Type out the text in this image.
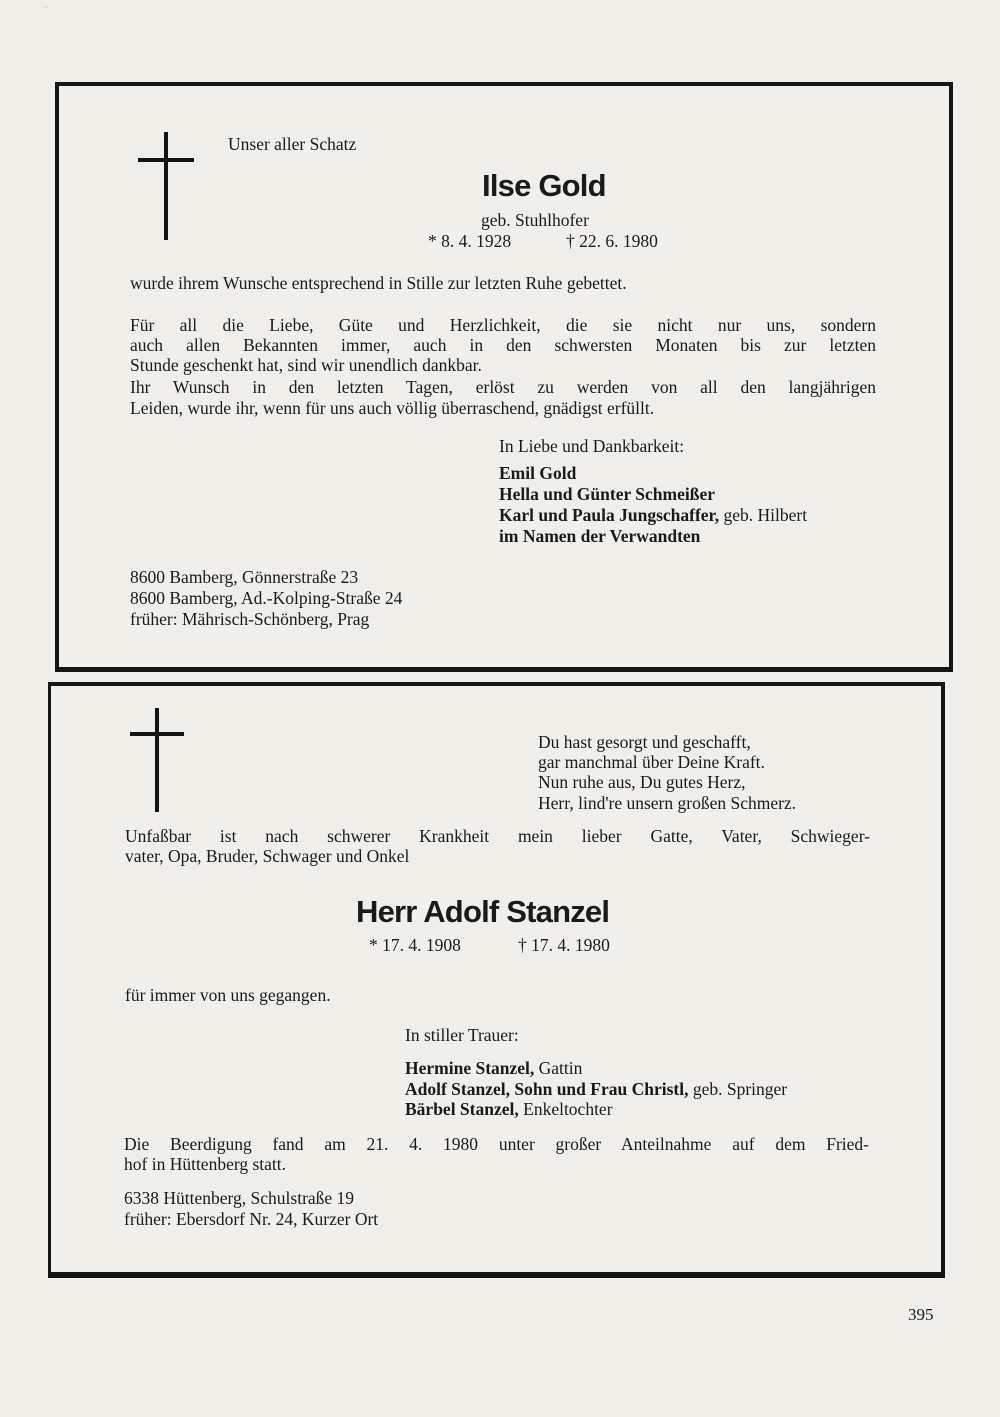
-
Unser aller Schatz
Ilse Gold
geb. Stuhlhofer
* 8. 4. 1928	† 22. 6. 1980
wurde ihrem Wunsche entsprechend in Stille zur letzten Ruhe gebettet.
Für all die Liebe, Güte und Herzlichkeit, die sie nicht nur uns, sondern
auch allen Bekannten immer, auch in den schwersten Monaten bis zur letzten
Stunde geschenkt hat, sind wir unendlich dankbar.
Ihr Wunsch in den letzten Tagen, erlöst zu werden von all den langjährigen
Leiden, wurde ihr, wenn für uns auch völlig überraschend, gnädigst erfüllt.
In Liebe und Dankbarkeit:
Emil Gold
Hella und Günter Schmeißer
Karl und Paula Jungschaffer, geb. Hilbert
im Namen der Verwandten
8600 Bamberg, Gönnerstraße 23
8600 Bamberg, Ad.-Kolping-Straße 24
früher: Mährisch-Schönberg, Prag
Du hast gesorgt und geschafft,
gar manchmal über Deine Kraft.
Nun ruhe aus, Du gutes Herz,
Herr, lind're unsern großen Schmerz.
Unfaßbar ist nach schwerer Krankheit mein lieber Gatte, Vater, Schwieger-
vater, Opa, Bruder, Schwager und Onkel
Herr Adolf Stanzel
* 17. 4. 1908	† 17. 4. 1980
für immer von uns gegangen.
In stiller Trauer:
Hermine Stanzel, Gattin
Adolf Stanzel, Sohn und Frau Christl, geb. Springer
Bärbel Stanzel, Enkeltochter
Die Beerdigung fand am 21. 4. 1980 unter großer Anteilnahme auf dem Fried-
hof in Hüttenberg statt.
6338 Hüttenberg, Schulstraße 19
früher: Ebersdorf Nr. 24, Kurzer Ort
395
